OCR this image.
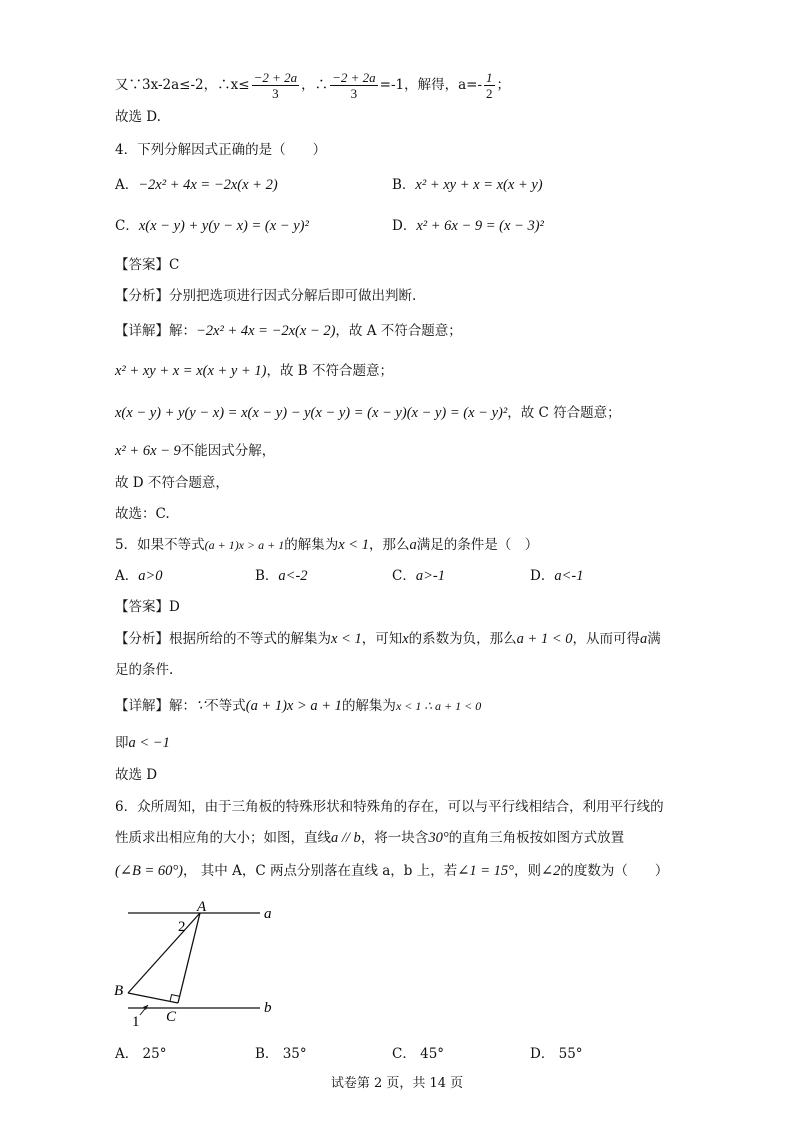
又∵3x-2a≤-2，∴x≤ $\frac{-2 + 2a}{3}$ ，∴ $\frac{-2 + 2a}{3} =-1$，解得，$a=- \frac{1}{2}$ ；
故选 D.
4．下列分解因式正确的是（　　）
A．−2x² + 4x = −2x(x + 2)	B．x² + xy + x = x(x + y)
C．x(x − y) + y(y − x) = (x − y)²	D．x² + 6x − 9 = (x − 3)²
【答案】C
【分析】分别把选项进行因式分解后即可做出判断.
【详解】解：−2x² + 4x = −2x(x − 2)，故 A 不符合题意；
x² + xy + x = x(x + y + 1)，故 B 不符合题意；
x(x − y) + y(y − x) = x(x − y) − y(x − y) = (x − y)(x − y) = (x − y)²，故 C 符合题意；
x² + 6x − 9不能因式分解，
故 D 不符合题意，
故选：C.
5．如果不等式(a + 1)x > a + 1的解集为x < 1，那么a满足的条件是（　）
A．a>0	B．a<-2	C．a>-1	D．a<-1
【答案】D
【分析】根据所给的不等式的解集为x < 1，可知x的系数为负，那么a + 1 < 0，从而可得a满
足的条件.
【详解】解：∵不等式(a + 1)x > a + 1的解集为x < 1 ∴ a + 1 < 0
即a < −1
故选 D
6．众所周知，由于三角板的特殊形状和特殊角的存在，可以与平行线相结合，利用平行线的
性质求出相应角的大小；如图，直线a // b，将一块含30°的直角三角板按如图方式放置
(∠B = 60°)， 其中 A，C 两点分别落在直线 a，b 上，若∠1 = 15°，则∠2的度数为（　　）
A
B
C
a
b
1
2
A． 25°	B． 35°	C． 45°	D． 55°
试卷第 2 页，共 14 页
